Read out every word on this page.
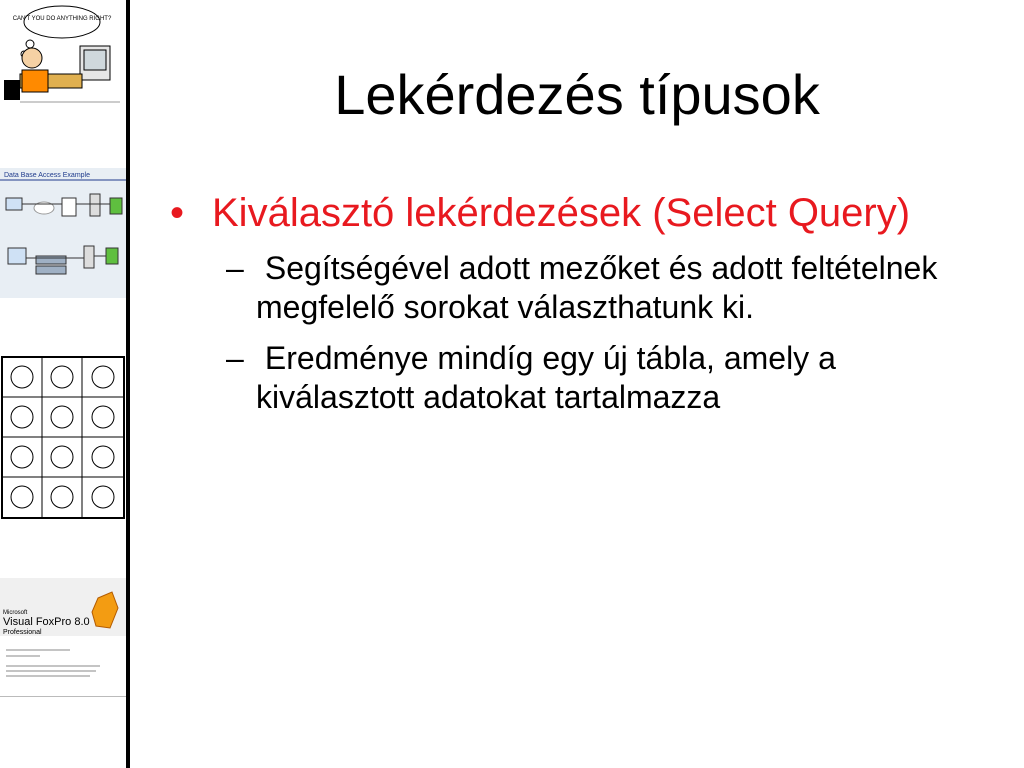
CAN'T YOU DO ANYTHING RIGHT?
Data Base Access Example
Microsoft
Visual FoxPro 8.0
Professional
Lekérdezés típusok
• Kiválasztó lekérdezések (Select Query)
– Segítségével adott mezőket és adott feltételnek megfelelő sorokat választhatunk ki.
– Eredménye mindíg egy új tábla, amely a kiválasztott adatokat tartalmazza
